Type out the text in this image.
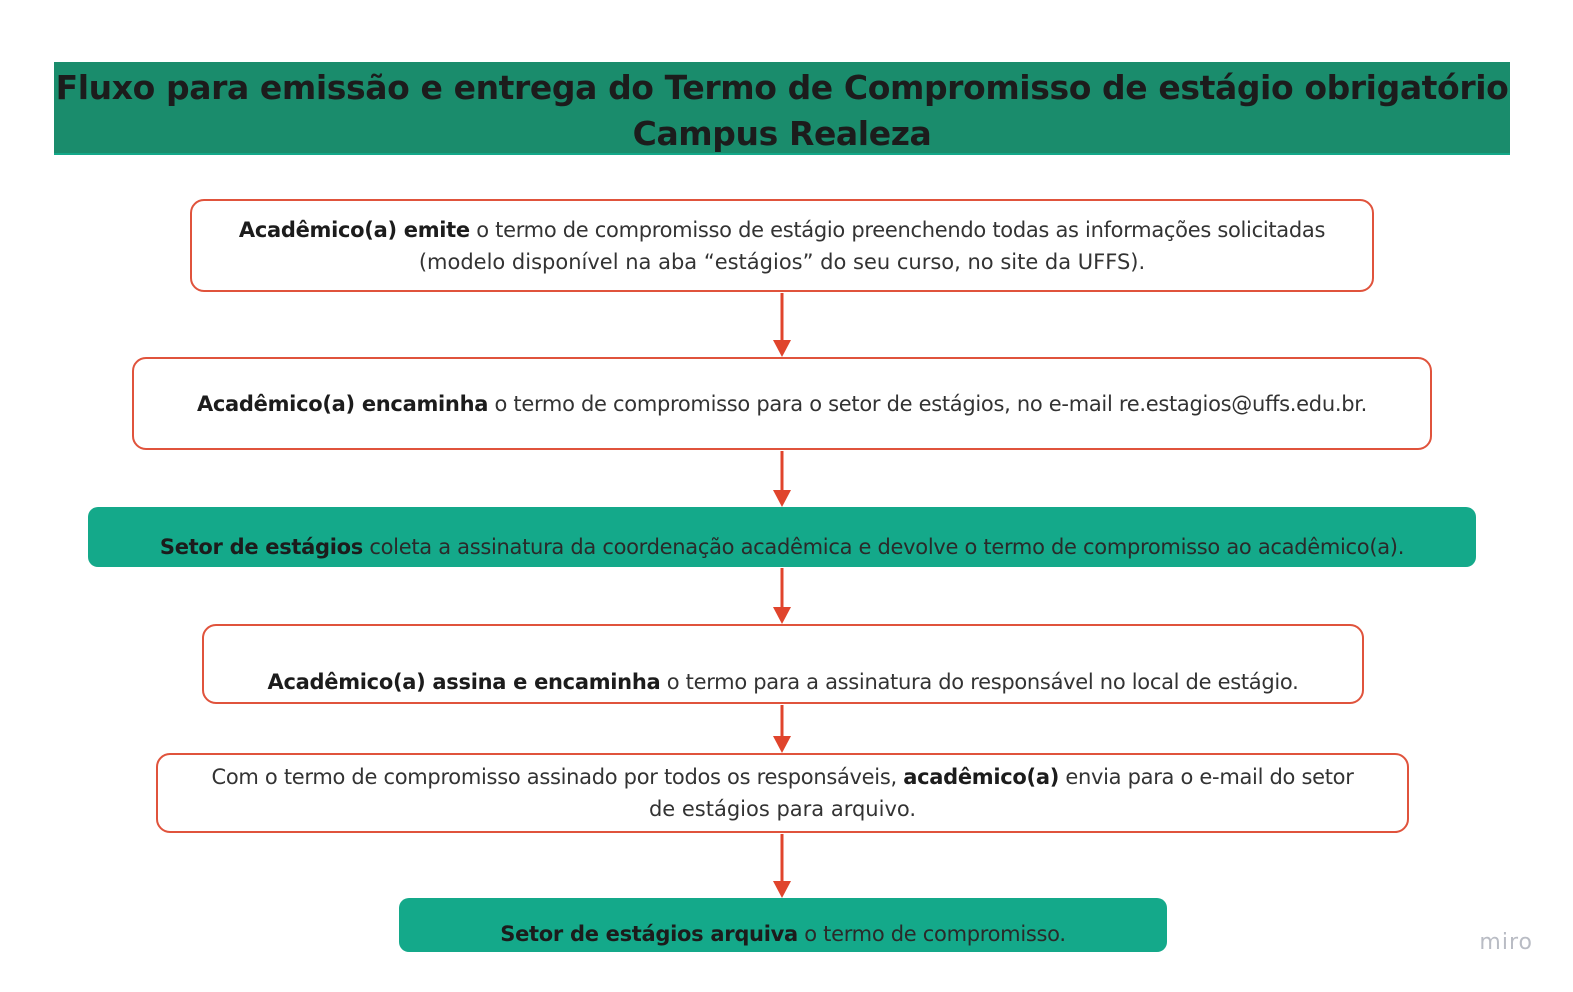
Fluxo para emissão e entrega do Termo de Compromisso de estágio obrigatório
Campus Realeza
Acadêmico(a) emite o termo de compromisso de estágio preenchendo todas as informações solicitadas
(modelo disponível na aba “estágios” do seu curso, no site da UFFS).
Acadêmico(a) encaminha o termo de compromisso para o setor de estágios, no e-mail re.estagios@uffs.edu.br.
Setor de estágios coleta a assinatura da coordenação acadêmica e devolve o termo de compromisso ao acadêmico(a).
Acadêmico(a) assina e encaminha o termo para a assinatura do responsável no local de estágio.
Com o termo de compromisso assinado por todos os responsáveis, acadêmico(a) envia para o e-mail do setor
de estágios para arquivo.
Setor de estágios arquiva o termo de compromisso.	miro
